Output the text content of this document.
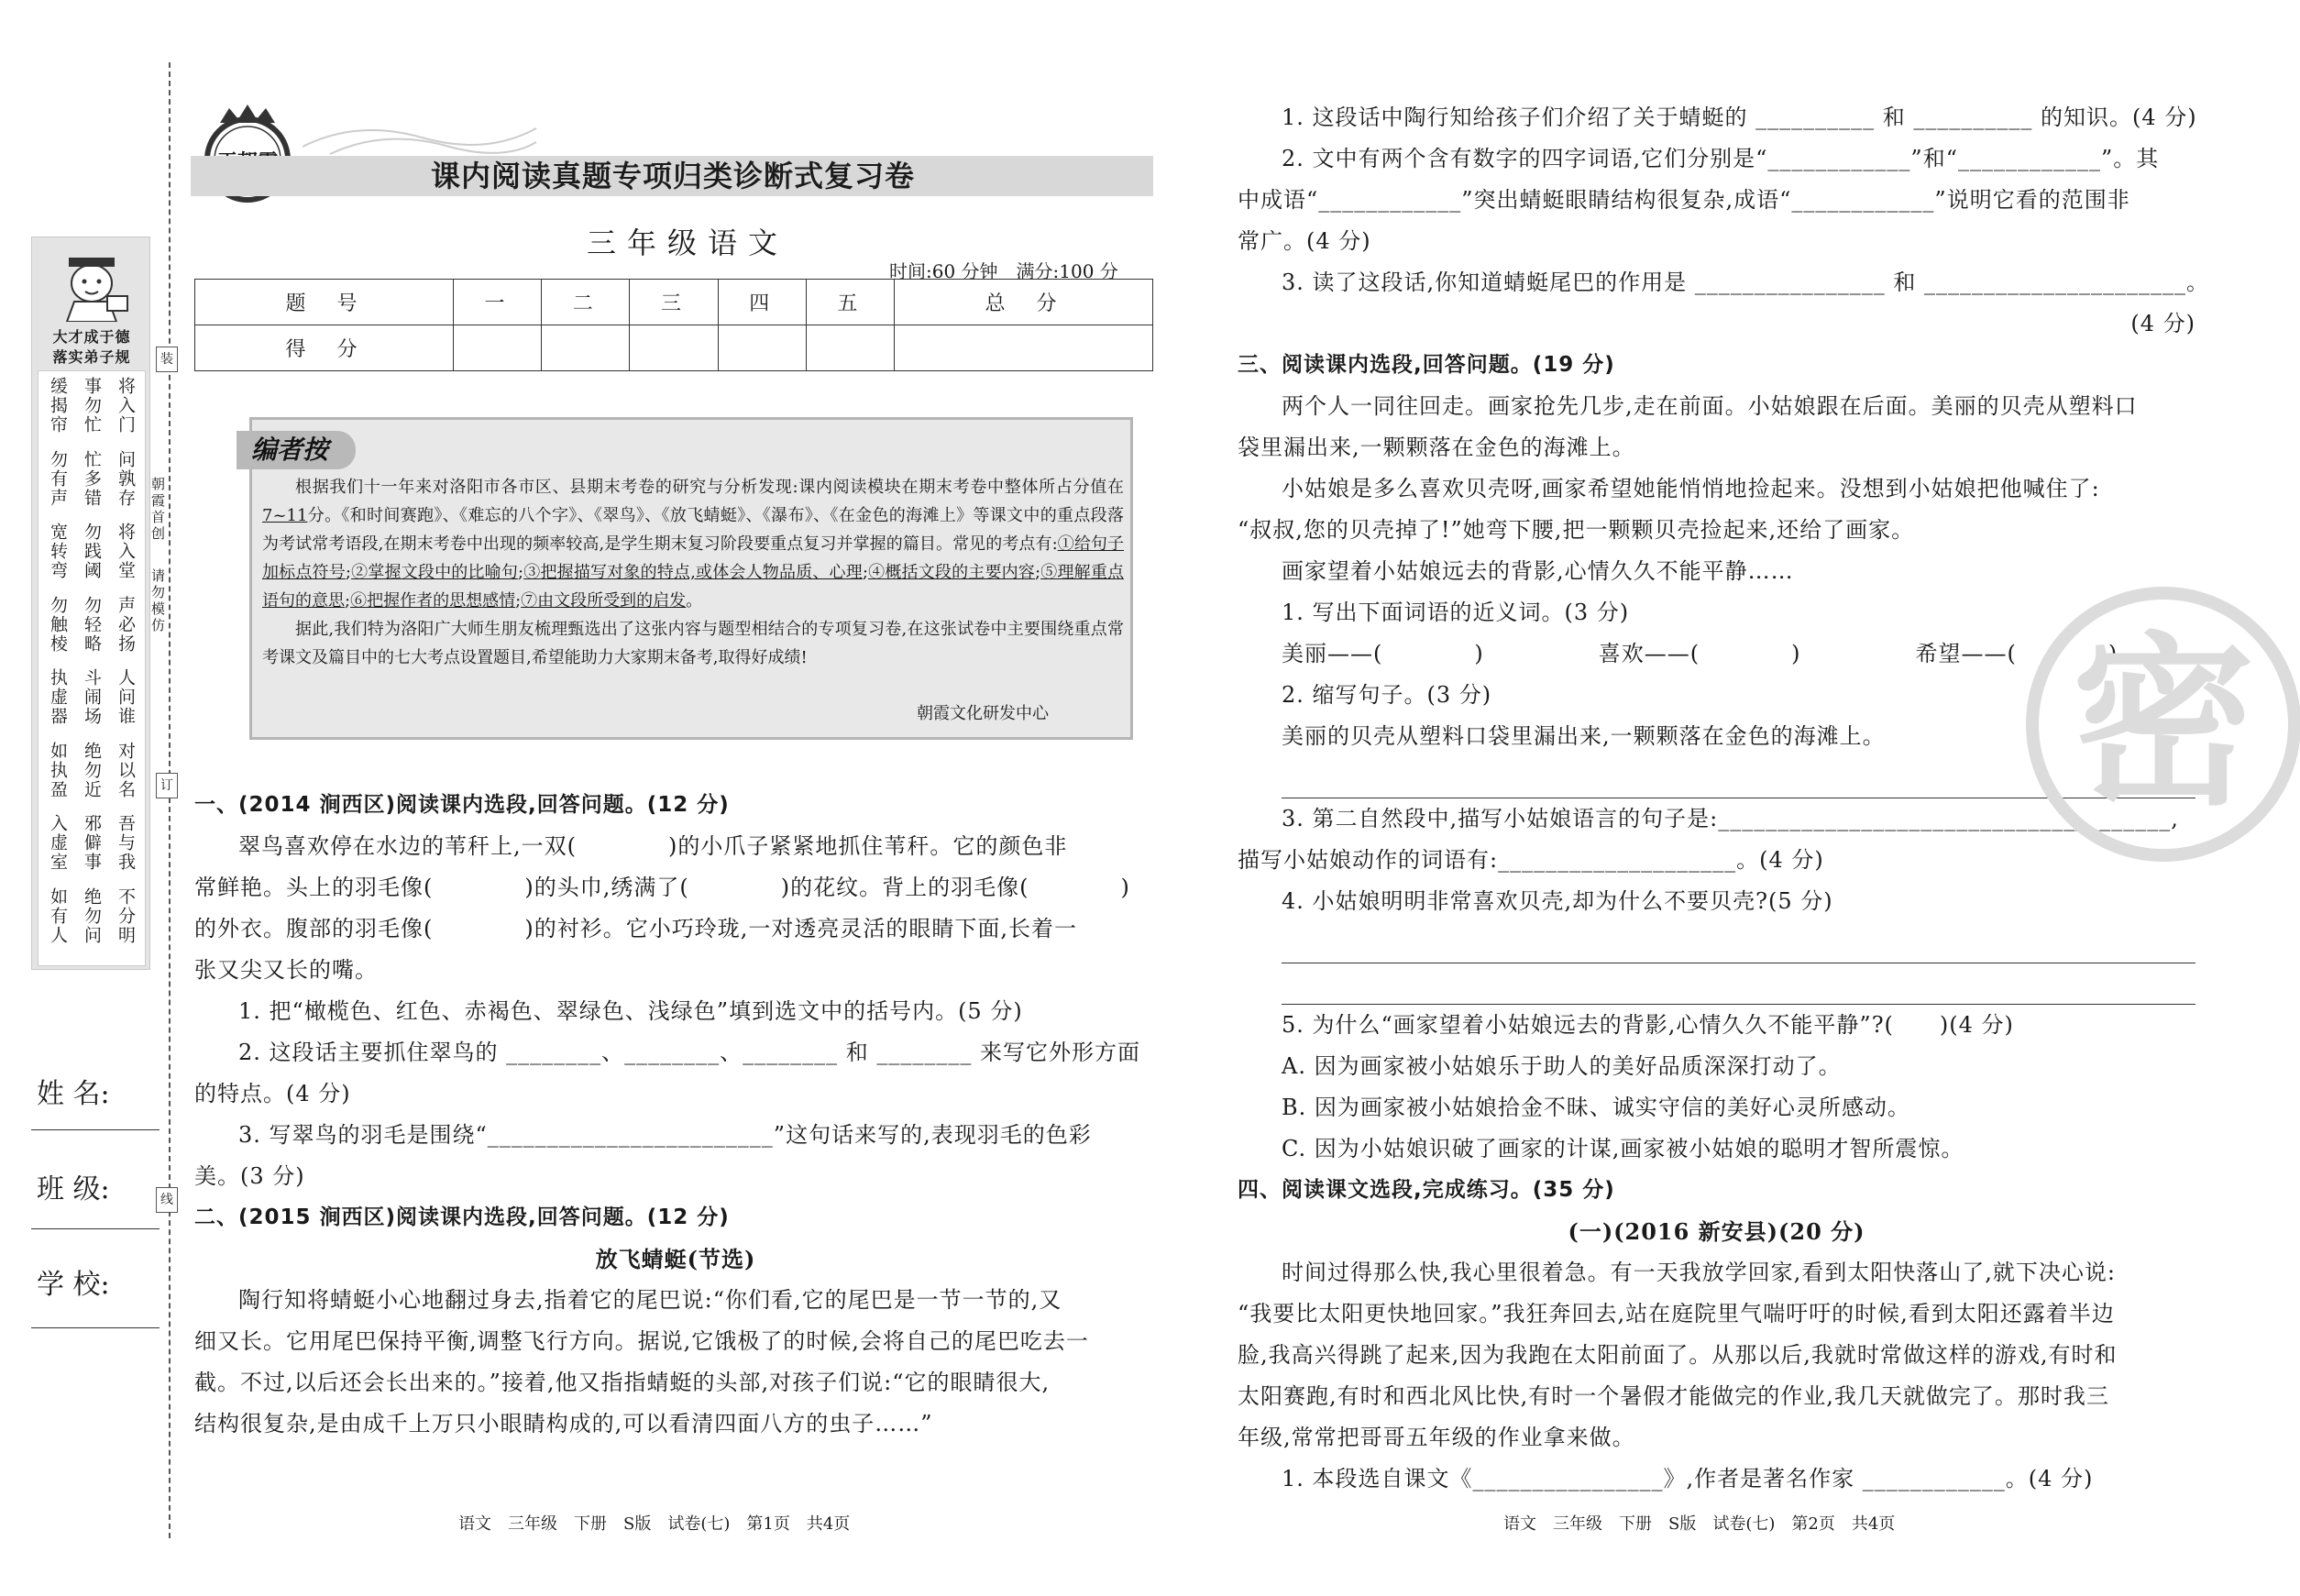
大才成于德
落实弟子规
缓揭帘 事勿忙 将入门
勿有声 忙多错 问孰存
宽转弯 勿践阈 将入堂
勿触棱 勿轻略 声必扬
执虚器 斗闹场 人问谁
如执盈 绝勿近 对以名
入虚室 邪僻事 吾与我
如有人 绝勿问 不分明
姓 名:
班 级:
学 校:
装
朝霞首创
请勿模仿
订
线
课内阅读真题专项归类诊断式复习卷
三年级语文
时间:60 分钟　满分:100 分
题　号	一	二	三	四	五	总　分
得　分						
编者按

根据我们十一年来对洛阳市各市区、县期末考卷的研究与分析发现:课内阅读模块在期末考卷中整体所占分值在7~11分。《和时间赛跑》、《难忘的八个字》、《翠鸟》、《放飞蜻蜓》、《瀑布》、《在金色的海滩上》等课文中的重点段落为考试常考语段,在期末考卷中出现的频率较高,是学生期末复习阶段要重点复习并掌握的篇目。常见的考点有:①给句子加标点符号;②掌握文段中的比喻句;③把握描写对象的特点,或体会人物品质、心理;④概括文段的主要内容;⑤理解重点语句的意思;⑥把握作者的思想感情;⑦由文段所受到的启发。

据此,我们特为洛阳广大师生朋友梳理甄选出了这张内容与题型相结合的专项复习卷,在这张试卷中主要围绕重点常考课文及篇目中的七大考点设置题目,希望能助力大家期末备考,取得好成绩!

朝霞文化研发中心
一、(2014 涧西区)阅读课内选段,回答问题。(12 分)
翠鸟喜欢停在水边的苇秆上,一双(　　　　)的小爪子紧紧地抓住苇秆。它的颜色非
常鲜艳。头上的羽毛像(　　　　)的头巾,绣满了(　　　　)的花纹。背上的羽毛像(　　　　)
的外衣。腹部的羽毛像(　　　　)的衬衫。它小巧玲珑,一对透亮灵活的眼睛下面,长着一
张又尖又长的嘴。
1. 把“橄榄色、红色、赤褐色、翠绿色、浅绿色”填到选文中的括号内。(5 分)
2. 这段话主要抓住翠鸟的 ________、________、________ 和 ________ 来写它外形方面
的特点。(4 分)
3. 写翠鸟的羽毛是围绕“________________________”这句话来写的,表现羽毛的色彩
美。(3 分)
二、(2015 涧西区)阅读课内选段,回答问题。(12 分)
放飞蜻蜓(节选)
陶行知将蜻蜓小心地翻过身去,指着它的尾巴说:“你们看,它的尾巴是一节一节的,又
细又长。它用尾巴保持平衡,调整飞行方向。据说,它饿极了的时候,会将自己的尾巴吃去一
截。不过,以后还会长出来的。”接着,他又指指蜻蜓的头部,对孩子们说:“它的眼睛很大,
结构很复杂,是由成千上万只小眼睛构成的,可以看清四面八方的虫子……”
1. 这段话中陶行知给孩子们介绍了关于蜻蜓的 __________ 和 __________ 的知识。(4 分)
2. 文中有两个含有数字的四字词语,它们分别是“____________”和“____________”。其
中成语“____________”突出蜻蜓眼睛结构很复杂,成语“____________”说明它看的范围非
常广。(4 分)
3. 读了这段话,你知道蜻蜓尾巴的作用是 ________________ 和 ______________________。
(4 分)
三、阅读课内选段,回答问题。(19 分)
两个人一同往回走。画家抢先几步,走在前面。小姑娘跟在后面。美丽的贝壳从塑料口
袋里漏出来,一颗颗落在金色的海滩上。
小姑娘是多么喜欢贝壳呀,画家希望她能悄悄地捡起来。没想到小姑娘把他喊住了:
“叔叔,您的贝壳掉了!”她弯下腰,把一颗颗贝壳捡起来,还给了画家。
画家望着小姑娘远去的背影,心情久久不能平静……
1. 写出下面词语的近义词。(3 分)
美丽——(　　　　)　　　　　喜欢——(　　　　)　　　　　希望——(　　　　)
2. 缩写句子。(3 分)
美丽的贝壳从塑料口袋里漏出来,一颗颗落在金色的海滩上。
3. 第二自然段中,描写小姑娘语言的句子是:______________________________________,
描写小姑娘动作的词语有:____________________。(4 分)
4. 小姑娘明明非常喜欢贝壳,却为什么不要贝壳?(5 分)
5. 为什么“画家望着小姑娘远去的背影,心情久久不能平静”?(　　)(4 分)
A. 因为画家被小姑娘乐于助人的美好品质深深打动了。
B. 因为画家被小姑娘拾金不昧、诚实守信的美好心灵所感动。
C. 因为小姑娘识破了画家的计谋,画家被小姑娘的聪明才智所震惊。
四、阅读课文选段,完成练习。(35 分)
(一)(2016 新安县)(20 分)
时间过得那么快,我心里很着急。有一天我放学回家,看到太阳快落山了,就下决心说:
“我要比太阳更快地回家。”我狂奔回去,站在庭院里气喘吁吁的时候,看到太阳还露着半边
脸,我高兴得跳了起来,因为我跑在太阳前面了。从那以后,我就时常做这样的游戏,有时和
太阳赛跑,有时和西北风比快,有时一个暑假才能做完的作业,我几天就做完了。那时我三
年级,常常把哥哥五年级的作业拿来做。
1. 本段选自课文《________________》,作者是著名作家 ____________。(4 分)
密
语文　三年级　下册　S版　试卷(七)　第1页　共4页	语文　三年级　下册　S版　试卷(七)　第2页　共4页
